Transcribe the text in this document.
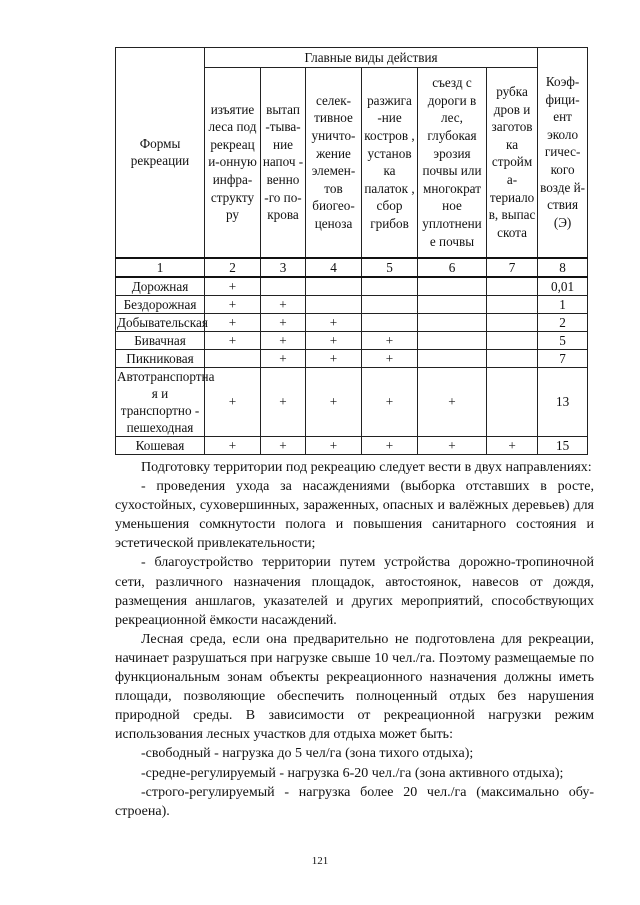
Формы рекреации	Главные виды действия						Коэф-фици-ент эколо гичес-кого возде й-ствия (Э)
	изъятие леса под рекреац и-онную инфра-структу ру	вытап -тыва-ние напоч - венно -го по-крова	селек-тивное уничто-жение элемен-тов биогео-ценоза	разжига -ние костров , установ ка палаток , сбор грибов	съезд с дороги в лес, глубокая эрозия почвы или многократ ное уплотнени е почвы	рубка дров и заготов ка стройм а-териало в, выпас скота	
1	2	3	4	5	6	7	8
Дорожная	+						0,01
Бездорожная	+	+					1
Добывательская	+	+	+				2
Бивачная	+	+	+	+			5
Пикниковая		+	+	+			7
Автотранспортна я и транспортно - пешеходная	+	+	+	+	+		13
Кошевая	+	+	+	+	+	+	15

Подготовку территории под рекреацию следует вести в двух направлениях:

- проведения ухода за насаждениями (выборка отставших в росте, сухостойных, суховершинных, зараженных, опасных и валёжных деревьев) для уменьшения сомкнутости полога и повышения санитарного состояния и эстетической привлекательности;

- благоустройство территории путем устройства дорожно-тропиночной сети, различного назначения площадок, автостоянок, навесов от дождя, размещения аншлагов, указателей и других мероприятий, способствующих рекреационной ёмкости насаждений.

Лесная среда, если она предварительно не подготовлена для рекреации, начинает разрушаться при нагрузке свыше 10 чел./га. Поэтому размещаемые по функциональным зонам объекты рекреационного назначения должны иметь площади, позволяющие обеспечить полноценный отдых без нарушения природной среды. В зависимости от рекреационной нагрузки режим использования лесных участков для отдыха может быть:

-свободный - нагрузка до 5 чел/га (зона тихого отдыха);

-средне-регулируемый - нагрузка 6-20 чел./га (зона активного отдыха);

-строго-регулируемый - нагрузка более 20 чел./га (максимально обу-строена).

121
